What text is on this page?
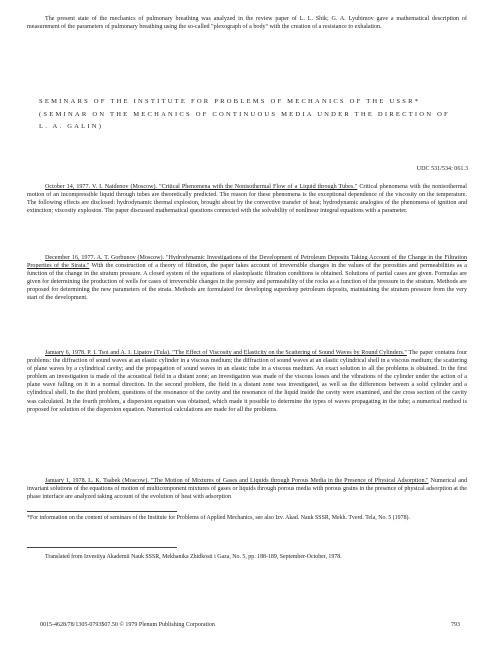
The present state of the mechanics of pulmonary breathing was analyzed in the review paper of L. L. Shik; G. A. Lyubimov gave a mathematical description of measurement of the parameters of pulmonary breathing using the so-called "plexograph of a body" with the creation of a resistance to exhalation.

SEMINARS OF THE INSTITUTE FOR PROBLEMS OF MECHANICS OF THE USSR* (SEMINAR ON THE MECHANICS OF CONTINUOUS MEDIA UNDER THE DIRECTION OF L. A. GALIN)

UDC 531/534: 061.3

October 14, 1977. V. I. Naidenov (Moscow). "Critical Phenomena with the Nonisothermal Flow of a Liquid through Tubes." Critical phenomena with the nonisothermal motion of an incompressible liquid through tubes are theoretically predicted. The reason for these phenomena is the exceptional dependence of the viscosity on the temperature. The following effects are disclosed: hydrodynamic thermal explosion, brought about by the convective transfer of heat; hydrodynamic analogies of the phenomena of ignition and extinction; viscosity explosion. The paper discussed mathematical questions connected with the solvability of nonlinear integral equations with a parameter.

December 16, 1977. A. T. Gorbunov (Moscow). "Hydrodynamic Investigations of the Development of Petroleum Deposits Taking Account of the Change in the Filtration Properties of the Strata." With the construction of a theory of filtration, the paper takes account of irreversible changes in the values of the porosities and permeabilities as a function of the change in the stratum pressure. A closed system of the equations of elastoplastic filtration conditions is obtained. Solutions of partial cases are given. Formulas are given for determining the production of wells for cases of irreversible changes in the porosity and permeability of the rocks as a function of the pressure in the stratum. Methods are proposed for determining the new parameters of the strata. Methods are formulated for developing superdeep petroleum deposits, maintaining the stratum pressure from the very start of the development.

January 6, 1978. P. I. Tsoi and A. I. Lipatov (Tula). "The Effect of Viscosity and Elasticity on the Scattering of Sound Waves by Round Cylinders." The paper contains four problems: the diffraction of sound waves at an elastic cylinder in a viscous medium; the diffraction of sound waves at an elastic cylindrical shell in a viscous medium; the scattering of plane waves by a cylindrical cavity; and the propagation of sound waves in an elastic tube in a viscous medium. An exact solution to all the problems is obtained. In the first problem an investigation is made of the acoustical field in a distant zone; an investigation was made of the viscous losses and the vibrations of the cylinder under the action of a plane wave falling on it in a normal direction. In the second problem, the field in a distant zone was investigated, as well as the differences between a solid cylinder and a cylindrical shell. In the third problem, questions of the resonance of the cavity and the resonance of the liquid inside the cavity were examined, and the cross section of the cavity was calculated. In the fourth problem, a dispersion equation was obtained, which made it possible to determine the types of waves propagating in the tube; a numerical method is proposed for solution of the dispersion equation. Numerical calculations are made for all the problems.

January 1, 1978. L. K. Tsabek (Moscow). "The Motion of Mixtures of Gases and Liquids through Porous Media in the Presence of Physical Adsorption." Numerical and invariant solutions of the equations of motion of multicomponent mixtures of gases or liquids through porous media with porous grains in the presence of physical adsorption at the phase interface are analyzed taking account of the evolution of heat with adsorption

*For information on the content of seminars of the Institute for Problems of Applied Mechanics, see also Izv. Akad. Nauk SSSR, Mekh. Tverd. Tela, No. 5 (1978).

Translated from Izvestiya Akademii Nauk SSSR, Mekhanika Zhidkosti i Gaza, No. 5, pp. 188-189, September-October, 1978.

0015-4628/78/1305-0793$07.50 © 1979 Plenum Publishing Corporation	793
